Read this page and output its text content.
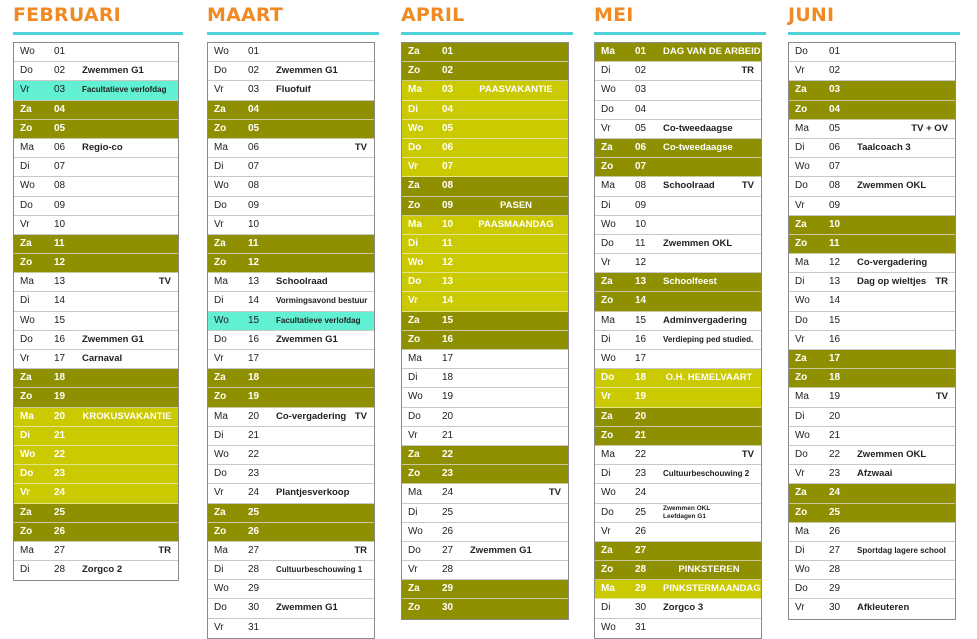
FEBRUARI
Wo 01
Do 02 Zwemmen G1
Vr 03 Facultatieve verlofdag
Za 04
Zo 05
Ma 06 Regio-co
Di 07
Wo 08
Do 09
Vr 10
Za 11
Zo 12
Ma 13	TV
Di 14
Wo 15
Do 16 Zwemmen G1
Vr 17 Carnaval
Za 18
Zo 19
Ma 20 KROKUSVAKANTIE
Di 21
Wo 22
Do 23
Vr 24
Za 25
Zo 26
Ma 27	TR
Di 28 Zorgco 2
MAART
Wo 01
Do 02 Zwemmen G1
Vr 03 Fluofuif
Za 04
Zo 05
Ma 06	TV
Di 07
Wo 08
Do 09
Vr 10
Za 11
Zo 12
Ma 13 Schoolraad
Di 14 Vormingsavond bestuur
Wo 15 Facultatieve verlofdag
Do 16 Zwemmen G1
Vr 17
Za 18
Zo 19
Ma 20 Co-vergadering TV
Di 21
Wo 22
Do 23
Vr 24 Plantjesverkoop
Za 25
Zo 26
Ma 27	TR
Di 28 Cultuurbeschouwing 1
Wo 29
Do 30 Zwemmen G1
Vr 31
APRIL
Za 01
Zo 02
Ma 03	PAASVAKANTIE
Di 04
Wo 05
Do 06
Vr 07
Za 08
Zo 09	PASEN
Ma 10	PAASMAANDAG
Di 11
Wo 12
Do 13
Vr 14
Za 15
Zo 16
Ma 17
Di 18
Wo 19
Do 20
Vr 21
Za 22
Zo 23
Ma 24	TV
Di 25
Wo 26
Do 27 Zwemmen G1
Vr 28
Za 29
Zo 30
MEI
Ma 01 DAG VAN DE ARBEID
Di 02	TR
Wo 03
Do 04
Vr 05 Co-tweedaagse
Za 06 Co-tweedaagse
Zo 07
Ma 08 Schoolraad	TV
Di 09
Wo 10
Do 11 Zwemmen OKL
Vr 12
Za 13 Schoolfeest
Zo 14
Ma 15 Adminvergadering
Di 16 Verdieping ped studied.
Wo 17
Do 18 O.H. HEMELVAART
Vr 19
Za 20
Zo 21
Ma 22	TV
Di 23 Cultuurbeschouwing 2
Wo 24
Do 25	Zwemmen OKL
Leefdagen G1
Vr 26
Za 27
Zo 28	PINKSTEREN
Ma 29 PINKSTERMAANDAG
Di 30 Zorgco 3
Wo 31
JUNI
Do 01
Vr 02
Za 03
Zo 04
Ma 05	TV + OV
Di 06 Taalcoach 3
Wo 07
Do 08 Zwemmen OKL
Vr 09
Za 10
Zo 11
Ma 12 Co-vergadering
Di 13 Dag op wieltjes TR
Wo 14
Do 15
Vr 16
Za 17
Zo 18
Ma 19	TV
Di 20
Wo 21
Do 22 Zwemmen OKL
Vr 23 Afzwaai
Za 24
Zo 25
Ma 26
Di 27 Sportdag lagere school
Wo 28
Do 29
Vr 30 Afkleuteren
